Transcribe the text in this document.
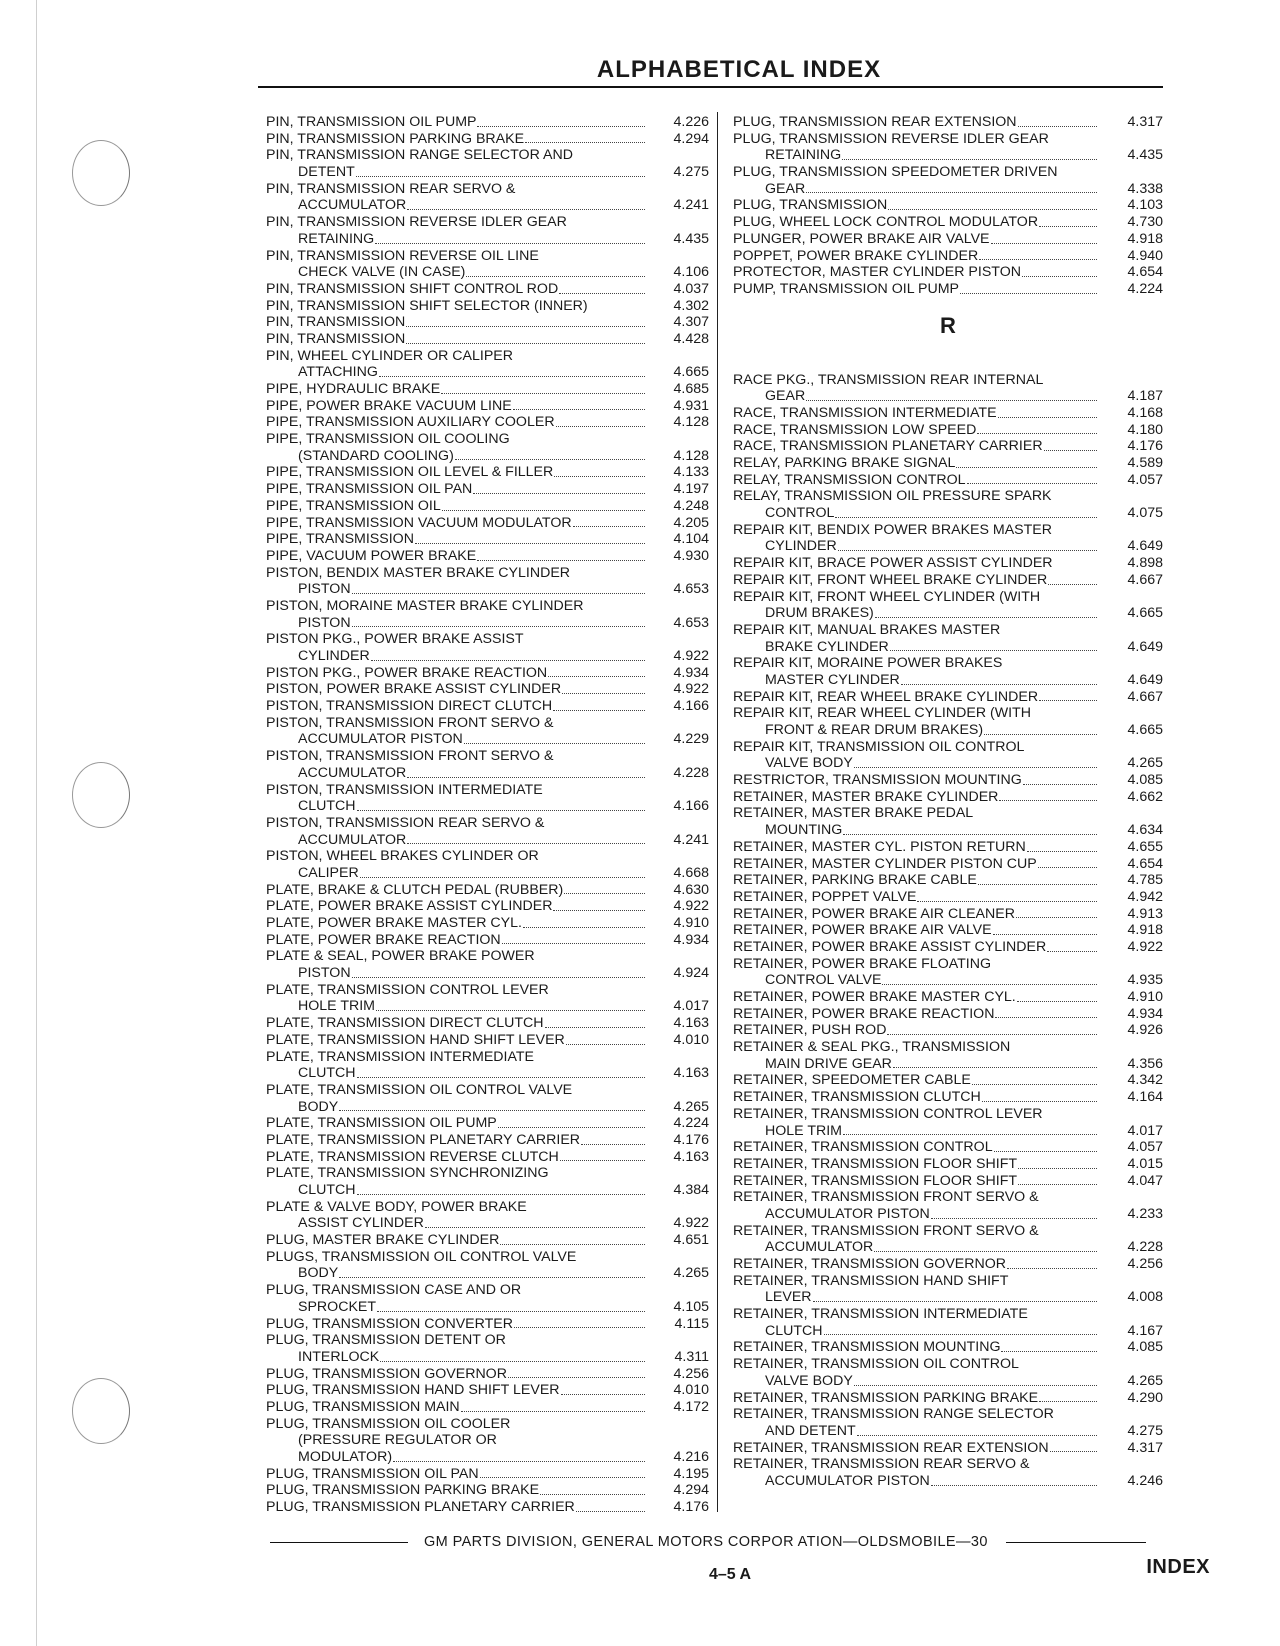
ALPHABETICAL INDEX
PIN, TRANSMISSION OIL PUMP	4.226
PIN, TRANSMISSION PARKING BRAKE	4.294
PIN, TRANSMISSION RANGE SELECTOR AND
DETENT	4.275
PIN, TRANSMISSION REAR SERVO &
ACCUMULATOR	4.241
PIN, TRANSMISSION REVERSE IDLER GEAR
RETAINING	4.435
PIN, TRANSMISSION REVERSE OIL LINE
CHECK VALVE (IN CASE)	4.106
PIN, TRANSMISSION SHIFT CONTROL ROD	4.037
PIN, TRANSMISSION SHIFT SELECTOR (INNER)	4.302
PIN, TRANSMISSION	4.307
PIN, TRANSMISSION	4.428
PIN, WHEEL CYLINDER OR CALIPER
ATTACHING	4.665
PIPE, HYDRAULIC BRAKE	4.685
PIPE, POWER BRAKE VACUUM LINE	4.931
PIPE, TRANSMISSION AUXILIARY COOLER	4.128
PIPE, TRANSMISSION OIL COOLING
(STANDARD COOLING)	4.128
PIPE, TRANSMISSION OIL LEVEL & FILLER	4.133
PIPE, TRANSMISSION OIL PAN	4.197
PIPE, TRANSMISSION OIL	4.248
PIPE, TRANSMISSION VACUUM MODULATOR	4.205
PIPE, TRANSMISSION	4.104
PIPE, VACUUM POWER BRAKE	4.930
PISTON, BENDIX MASTER BRAKE CYLINDER
PISTON	4.653
PISTON, MORAINE MASTER BRAKE CYLINDER
PISTON	4.653
PISTON PKG., POWER BRAKE ASSIST
CYLINDER	4.922
PISTON PKG., POWER BRAKE REACTION	4.934
PISTON, POWER BRAKE ASSIST CYLINDER	4.922
PISTON, TRANSMISSION DIRECT CLUTCH	4.166
PISTON, TRANSMISSION FRONT SERVO &
ACCUMULATOR PISTON	4.229
PISTON, TRANSMISSION FRONT SERVO &
ACCUMULATOR	4.228
PISTON, TRANSMISSION INTERMEDIATE
CLUTCH	4.166
PISTON, TRANSMISSION REAR SERVO &
ACCUMULATOR	4.241
PISTON, WHEEL BRAKES CYLINDER OR
CALIPER	4.668
PLATE, BRAKE & CLUTCH PEDAL (RUBBER)	4.630
PLATE, POWER BRAKE ASSIST CYLINDER	4.922
PLATE, POWER BRAKE MASTER CYL.	4.910
PLATE, POWER BRAKE REACTION	4.934
PLATE & SEAL, POWER BRAKE POWER
PISTON	4.924
PLATE, TRANSMISSION CONTROL LEVER
HOLE TRIM	4.017
PLATE, TRANSMISSION DIRECT CLUTCH	4.163
PLATE, TRANSMISSION HAND SHIFT LEVER	4.010
PLATE, TRANSMISSION INTERMEDIATE
CLUTCH	4.163
PLATE, TRANSMISSION OIL CONTROL VALVE
BODY	4.265
PLATE, TRANSMISSION OIL PUMP	4.224
PLATE, TRANSMISSION PLANETARY CARRIER	4.176
PLATE, TRANSMISSION REVERSE CLUTCH	4.163
PLATE, TRANSMISSION SYNCHRONIZING
CLUTCH	4.384
PLATE & VALVE BODY, POWER BRAKE
ASSIST CYLINDER	4.922
PLUG, MASTER BRAKE CYLINDER	4.651
PLUGS, TRANSMISSION OIL CONTROL VALVE
BODY	4.265
PLUG, TRANSMISSION CASE AND OR
SPROCKET	4.105
PLUG, TRANSMISSION CONVERTER	4.115
PLUG, TRANSMISSION DETENT OR
INTERLOCK	4.311
PLUG, TRANSMISSION GOVERNOR	4.256
PLUG, TRANSMISSION HAND SHIFT LEVER	4.010
PLUG, TRANSMISSION MAIN	4.172
PLUG, TRANSMISSION OIL COOLER
(PRESSURE REGULATOR OR
MODULATOR)	4.216
PLUG, TRANSMISSION OIL PAN	4.195
PLUG, TRANSMISSION PARKING BRAKE	4.294
PLUG, TRANSMISSION PLANETARY CARRIER	4.176
PLUG, TRANSMISSION REAR EXTENSION	4.317
PLUG, TRANSMISSION REVERSE IDLER GEAR
RETAINING	4.435
PLUG, TRANSMISSION SPEEDOMETER DRIVEN
GEAR	4.338
PLUG, TRANSMISSION	4.103
PLUG, WHEEL LOCK CONTROL MODULATOR	4.730
PLUNGER, POWER BRAKE AIR VALVE	4.918
POPPET, POWER BRAKE CYLINDER	4.940
PROTECTOR, MASTER CYLINDER PISTON	4.654
PUMP, TRANSMISSION OIL PUMP	4.224
R
RACE PKG., TRANSMISSION REAR INTERNAL
GEAR	4.187
RACE, TRANSMISSION INTERMEDIATE	4.168
RACE, TRANSMISSION LOW SPEED	4.180
RACE, TRANSMISSION PLANETARY CARRIER	4.176
RELAY, PARKING BRAKE SIGNAL	4.589
RELAY, TRANSMISSION CONTROL	4.057
RELAY, TRANSMISSION OIL PRESSURE SPARK
CONTROL	4.075
REPAIR KIT, BENDIX POWER BRAKES MASTER
CYLINDER	4.649
REPAIR KIT, BRACE POWER ASSIST CYLINDER	4.898
REPAIR KIT, FRONT WHEEL BRAKE CYLINDER	4.667
REPAIR KIT, FRONT WHEEL CYLINDER (WITH
DRUM BRAKES)	4.665
REPAIR KIT, MANUAL BRAKES MASTER
BRAKE CYLINDER	4.649
REPAIR KIT, MORAINE POWER BRAKES
MASTER CYLINDER	4.649
REPAIR KIT, REAR WHEEL BRAKE CYLINDER	4.667
REPAIR KIT, REAR WHEEL CYLINDER (WITH
FRONT & REAR DRUM BRAKES)	4.665
REPAIR KIT, TRANSMISSION OIL CONTROL
VALVE BODY	4.265
RESTRICTOR, TRANSMISSION MOUNTING	4.085
RETAINER, MASTER BRAKE CYLINDER	4.662
RETAINER, MASTER BRAKE PEDAL
MOUNTING	4.634
RETAINER, MASTER CYL. PISTON RETURN	4.655
RETAINER, MASTER CYLINDER PISTON CUP	4.654
RETAINER, PARKING BRAKE CABLE	4.785
RETAINER, POPPET VALVE	4.942
RETAINER, POWER BRAKE AIR CLEANER	4.913
RETAINER, POWER BRAKE AIR VALVE	4.918
RETAINER, POWER BRAKE ASSIST CYLINDER	4.922
RETAINER, POWER BRAKE FLOATING
CONTROL VALVE	4.935
RETAINER, POWER BRAKE MASTER CYL.	4.910
RETAINER, POWER BRAKE REACTION	4.934
RETAINER, PUSH ROD	4.926
RETAINER & SEAL PKG., TRANSMISSION
MAIN DRIVE GEAR	4.356
RETAINER, SPEEDOMETER CABLE	4.342
RETAINER, TRANSMISSION CLUTCH	4.164
RETAINER, TRANSMISSION CONTROL LEVER
HOLE TRIM	4.017
RETAINER, TRANSMISSION CONTROL	4.057
RETAINER, TRANSMISSION FLOOR SHIFT	4.015
RETAINER, TRANSMISSION FLOOR SHIFT	4.047
RETAINER, TRANSMISSION FRONT SERVO &
ACCUMULATOR PISTON	4.233
RETAINER, TRANSMISSION FRONT SERVO &
ACCUMULATOR	4.228
RETAINER, TRANSMISSION GOVERNOR	4.256
RETAINER, TRANSMISSION HAND SHIFT
LEVER	4.008
RETAINER, TRANSMISSION INTERMEDIATE
CLUTCH	4.167
RETAINER, TRANSMISSION MOUNTING	4.085
RETAINER, TRANSMISSION OIL CONTROL
VALVE BODY	4.265
RETAINER, TRANSMISSION PARKING BRAKE	4.290
RETAINER, TRANSMISSION RANGE SELECTOR
AND DETENT	4.275
RETAINER, TRANSMISSION REAR EXTENSION	4.317
RETAINER, TRANSMISSION REAR SERVO &
ACCUMULATOR PISTON	4.246
GM PARTS DIVISION, GENERAL MOTORS CORPOR ATION—OLDSMOBILE—30
4–5 A	INDEX
